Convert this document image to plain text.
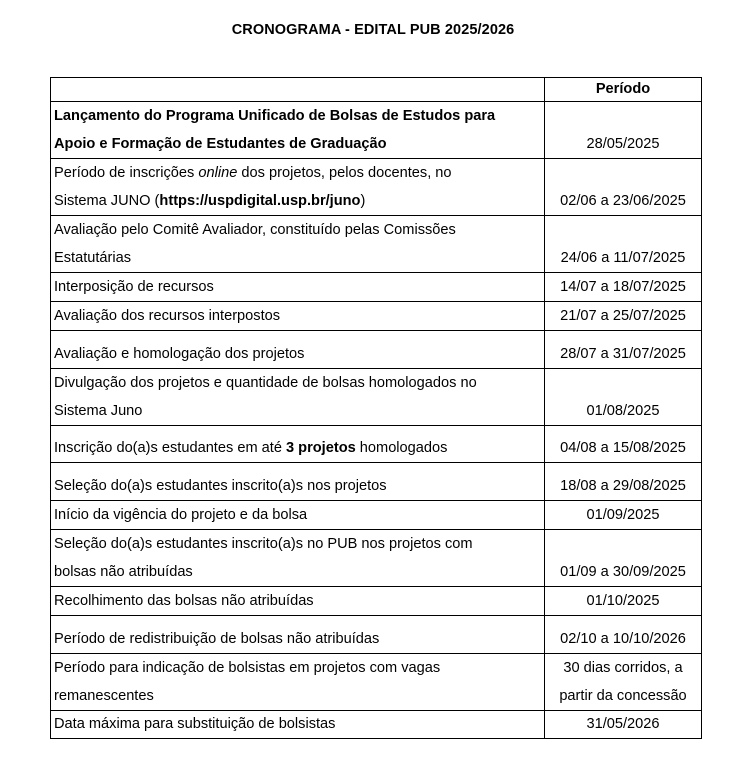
CRONOGRAMA - EDITAL PUB 2025/2026
	Período

Lançamento do Programa Unificado de Bolsas de Estudos para
Apoio e Formação de Estudantes de Graduação	28/05/2025

Período de inscrições online dos projetos, pelos docentes, no
Sistema JUNO (https://uspdigital.usp.br/juno)	02/06 a 23/06/2025

Avaliação pelo Comitê Avaliador, constituído pelas Comissões
Estatutárias	24/06 a 11/07/2025
Interposição de recursos	14/07 a 18/07/2025
Avaliação dos recursos interpostos	21/07 a 25/07/2025
Avaliação e homologação dos projetos	28/07 a 31/07/2025

Divulgação dos projetos e quantidade de bolsas homologados no
Sistema Juno	01/08/2025
Inscrição do(a)s estudantes em até 3 projetos homologados	04/08 a 15/08/2025
Seleção do(a)s estudantes inscrito(a)s nos projetos	18/08 a 29/08/2025
Início da vigência do projeto e da bolsa	01/09/2025

Seleção do(a)s estudantes inscrito(a)s no PUB nos projetos com
bolsas não atribuídas	01/09 a 30/09/2025
Recolhimento das bolsas não atribuídas	01/10/2025
Período de redistribuição de bolsas não atribuídas	02/10 a 10/10/2026

Período para indicação de bolsistas em projetos com vagas
remanescentes	30 dias corridos, a
partir da concessão

Data máxima para substituição de bolsistas	31/05/2026
